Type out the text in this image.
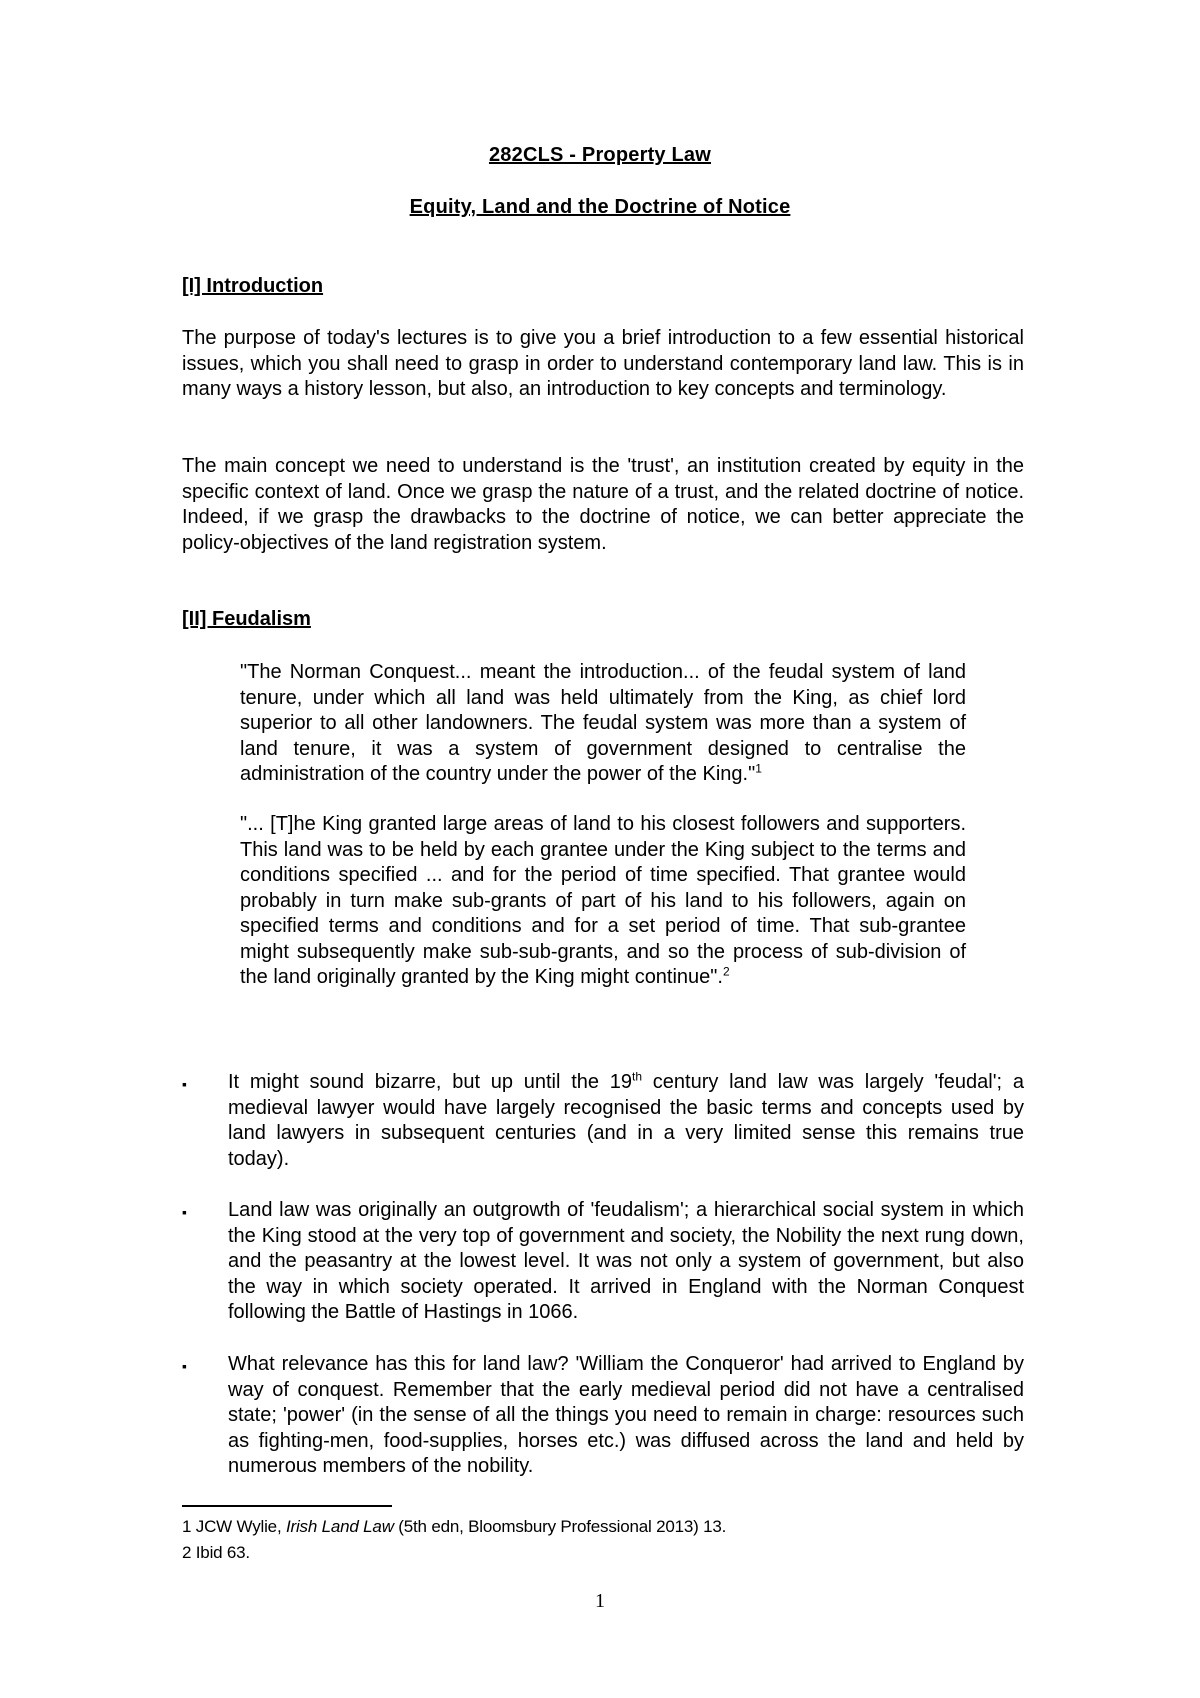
282CLS - Property Law
Equity, Land and the Doctrine of Notice
[I] Introduction

The purpose of today's lectures is to give you a brief introduction to a few essential historical issues, which you shall need to grasp in order to understand contemporary land law. This is in many ways a history lesson, but also, an introduction to key concepts and terminology.

The main concept we need to understand is the 'trust', an institution created by equity in the specific context of land. Once we grasp the nature of a trust, and the related doctrine of notice. Indeed, if we grasp the drawbacks to the doctrine of notice, we can better appreciate the policy-objectives of the land registration system.

[II] Feudalism

"The Norman Conquest... meant the introduction... of the feudal system of land tenure, under which all land was held ultimately from the King, as chief lord superior to all other landowners. The feudal system was more than a system of land tenure, it was a system of government designed to centralise the administration of the country under the power of the King."$^1$

"... [T]he King granted large areas of land to his closest followers and supporters. This land was to be held by each grantee under the King subject to the terms and conditions specified ... and for the period of time specified. That grantee would probably in turn make sub-grants of part of his land to his followers, again on specified terms and conditions and for a set period of time. That sub-grantee might subsequently make sub-sub-grants, and so the process of sub-division of the land originally granted by the King might continue".$^2$

▪ It might sound bizarre, but up until the 19th century land law was largely 'feudal'; a medieval lawyer would have largely recognised the basic terms and concepts used by land lawyers in subsequent centuries (and in a very limited sense this remains true today).

▪ Land law was originally an outgrowth of 'feudalism'; a hierarchical social system in which the King stood at the very top of government and society, the Nobility the next rung down, and the peasantry at the lowest level. It was not only a system of government, but also the way in which society operated. It arrived in England with the Norman Conquest following the Battle of Hastings in 1066.

▪ What relevance has this for land law? 'William the Conqueror' had arrived to England by way of conquest. Remember that the early medieval period did not have a centralised state; 'power' (in the sense of all the things you need to remain in charge: resources such as fighting-men, food-supplies, horses etc.) was diffused across the land and held by numerous members of the nobility.

1 JCW Wylie, Irish Land Law (5th edn, Bloomsbury Professional 2013) 13.
2 Ibid 63.
1
